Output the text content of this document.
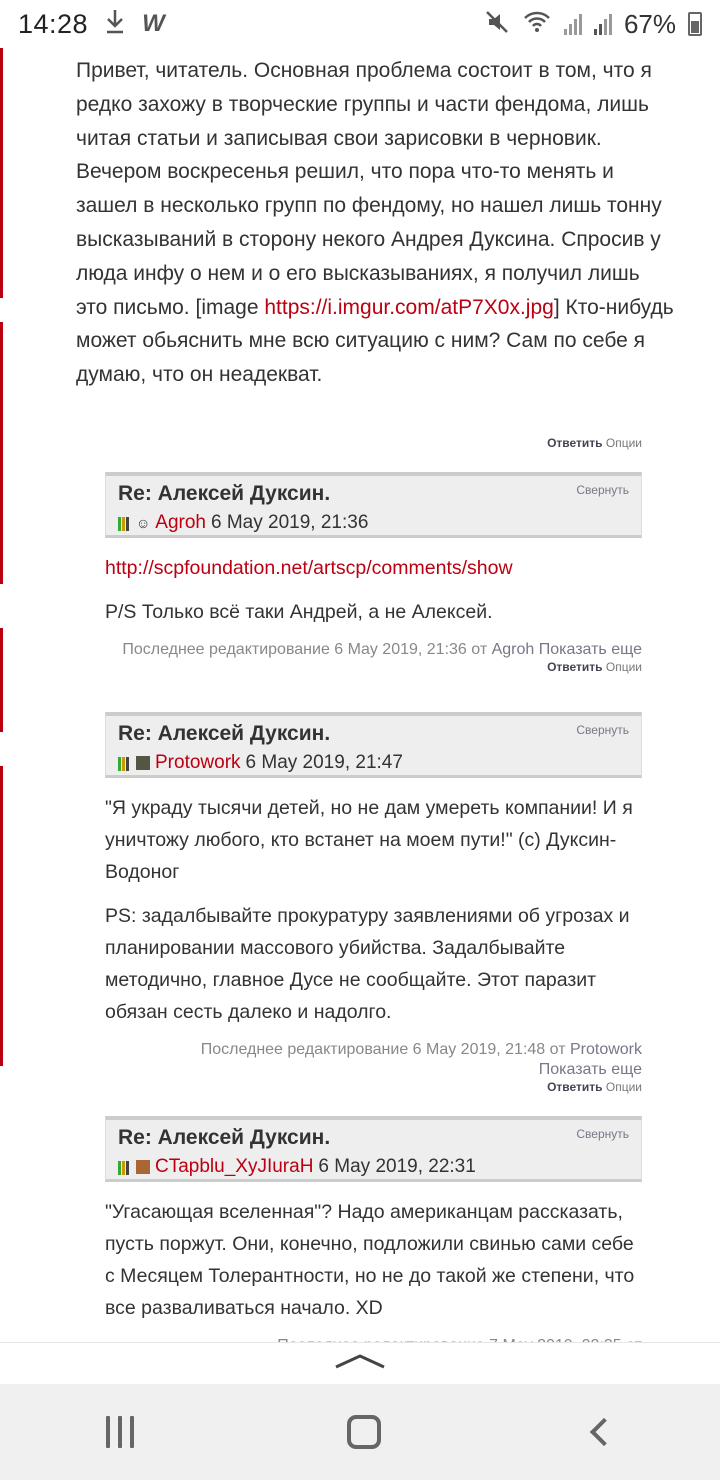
14:28 W	67%
Привет, читатель. Основная проблема состоит в том, что я редко захожу в творческие группы и части фендома, лишь читая статьи и записывая свои зарисовки в черновик. Вечером воскресенья решил, что пора что-то менять и зашел в несколько групп по фендому, но нашел лишь тонну высказываний в сторону некого Андрея Дуксина. Спросив у люда инфу о нем и о его высказываниях, я получил лишь это письмо. [image https://i.imgur.com/atP7X0x.jpg] Кто-нибудь может обьяснить мне всю ситуацию с ним? Сам по себе я думаю, что он неадекват.
Ответить Опции
Re: Алексей Дуксин.	Свернуть
☺ Agroh 6 May 2019, 21:36

http://scpfoundation.net/artscp/comments/show

P/S Только всё таки Андрей, а не Алексей.

Последнее редактирование 6 May 2019, 21:36 от Agroh Показать еще
Ответить Опции
Re: Алексей Дуксин.	Свернуть
Protowork 6 May 2019, 21:47

"Я украду тысячи детей, но не дам умереть компании! И я уничтожу любого, кто встанет на моем пути!" (с) Дуксин-Водоног

PS: задалбывайте прокуратуру заявлениями об угрозах и планировании массового убийства. Задалбывайте методично, главное Дусе не сообщайте. Этот паразит обязан сесть далеко и надолго.

Последнее редактирование 6 May 2019, 21:48 от Protowork
Показать еще
Ответить Опции
Re: Алексей Дуксин.	Свернуть
CTapblu_XyJIuraH 6 May 2019, 22:31

"Угасающая вселенная"? Надо американцам рассказать, пусть поржут. Они, конечно, подложили свинью сами себе с Месяцем Толерантности, но не до такой же степени, что все разваливаться начало. XD
